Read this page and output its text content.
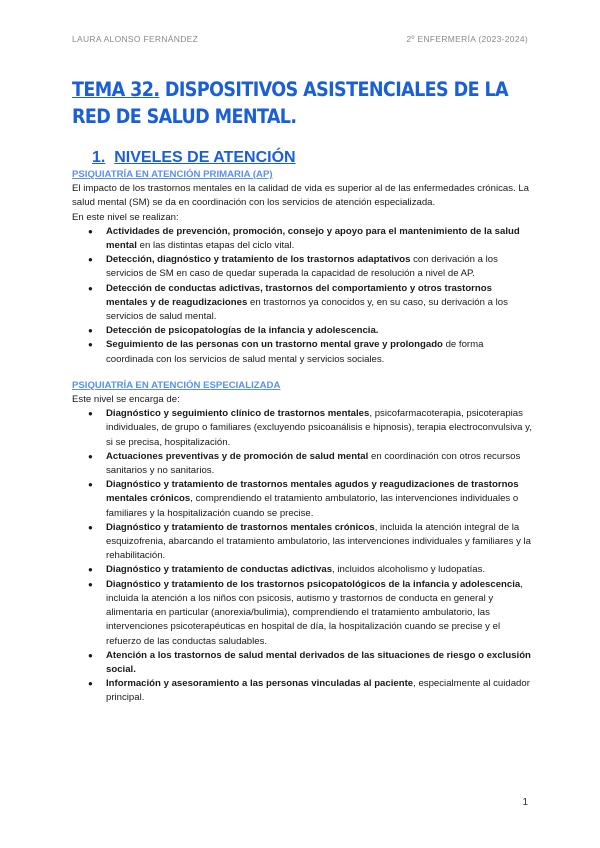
LAURA ALONSO FERNÁNDEZ	2º ENFERMERÍA (2023-2024)
TEMA 32. DISPOSITIVOS ASISTENCIALES DE LA RED DE SALUD MENTAL.
1. NIVELES DE ATENCIÓN
PSIQUIATRÍA EN ATENCIÓN PRIMARIA (AP)

El impacto de los trastornos mentales en la calidad de vida es superior al de las enfermedades crónicas. La salud mental (SM) se da en coordinación con los servicios de atención especializada.

En este nivel se realizan:

● Actividades de prevención, promoción, consejo y apoyo para el mantenimiento de la salud mental en las distintas etapas del ciclo vital.
● Detección, diagnóstico y tratamiento de los trastornos adaptativos con derivación a los servicios de SM en caso de quedar superada la capacidad de resolución a nivel de AP.
● Detección de conductas adictivas, trastornos del comportamiento y otros trastornos mentales y de reagudizaciones en trastornos ya conocidos y, en su caso, su derivación a los servicios de salud mental.
● Detección de psicopatologías de la infancia y adolescencia.
● Seguimiento de las personas con un trastorno mental grave y prolongado de forma coordinada con los servicios de salud mental y servicios sociales.
PSIQUIATRÍA EN ATENCIÓN ESPECIALIZADA

Este nivel se encarga de:

● Diagnóstico y seguimiento clínico de trastornos mentales, psicofarmacoterapia, psicoterapias individuales, de grupo o familiares (excluyendo psicoanálisis e hipnosis), terapia electroconvulsiva y, si se precisa, hospitalización.
● Actuaciones preventivas y de promoción de salud mental en coordinación con otros recursos sanitarios y no sanitarios.
● Diagnóstico y tratamiento de trastornos mentales agudos y reagudizaciones de trastornos mentales crónicos, comprendiendo el tratamiento ambulatorio, las intervenciones individuales o familiares y la hospitalización cuando se precise.
● Diagnóstico y tratamiento de trastornos mentales crónicos, incluida la atención integral de la esquizofrenia, abarcando el tratamiento ambulatorio, las intervenciones individuales y familiares y la rehabilitación.
● Diagnóstico y tratamiento de conductas adictivas, incluidos alcoholismo y ludopatías.
● Diagnóstico y tratamiento de los trastornos psicopatológicos de la infancia y adolescencia, incluida la atención a los niños con psicosis, autismo y trastornos de conducta en general y alimentaria en particular (anorexia/bulimia), comprendiendo el tratamiento ambulatorio, las intervenciones psicoterapéuticas en hospital de día, la hospitalización cuando se precise y el refuerzo de las conductas saludables.
● Atención a los trastornos de salud mental derivados de las situaciones de riesgo o exclusión social.
● Información y asesoramiento a las personas vinculadas al paciente, especialmente al cuidador principal.
1
